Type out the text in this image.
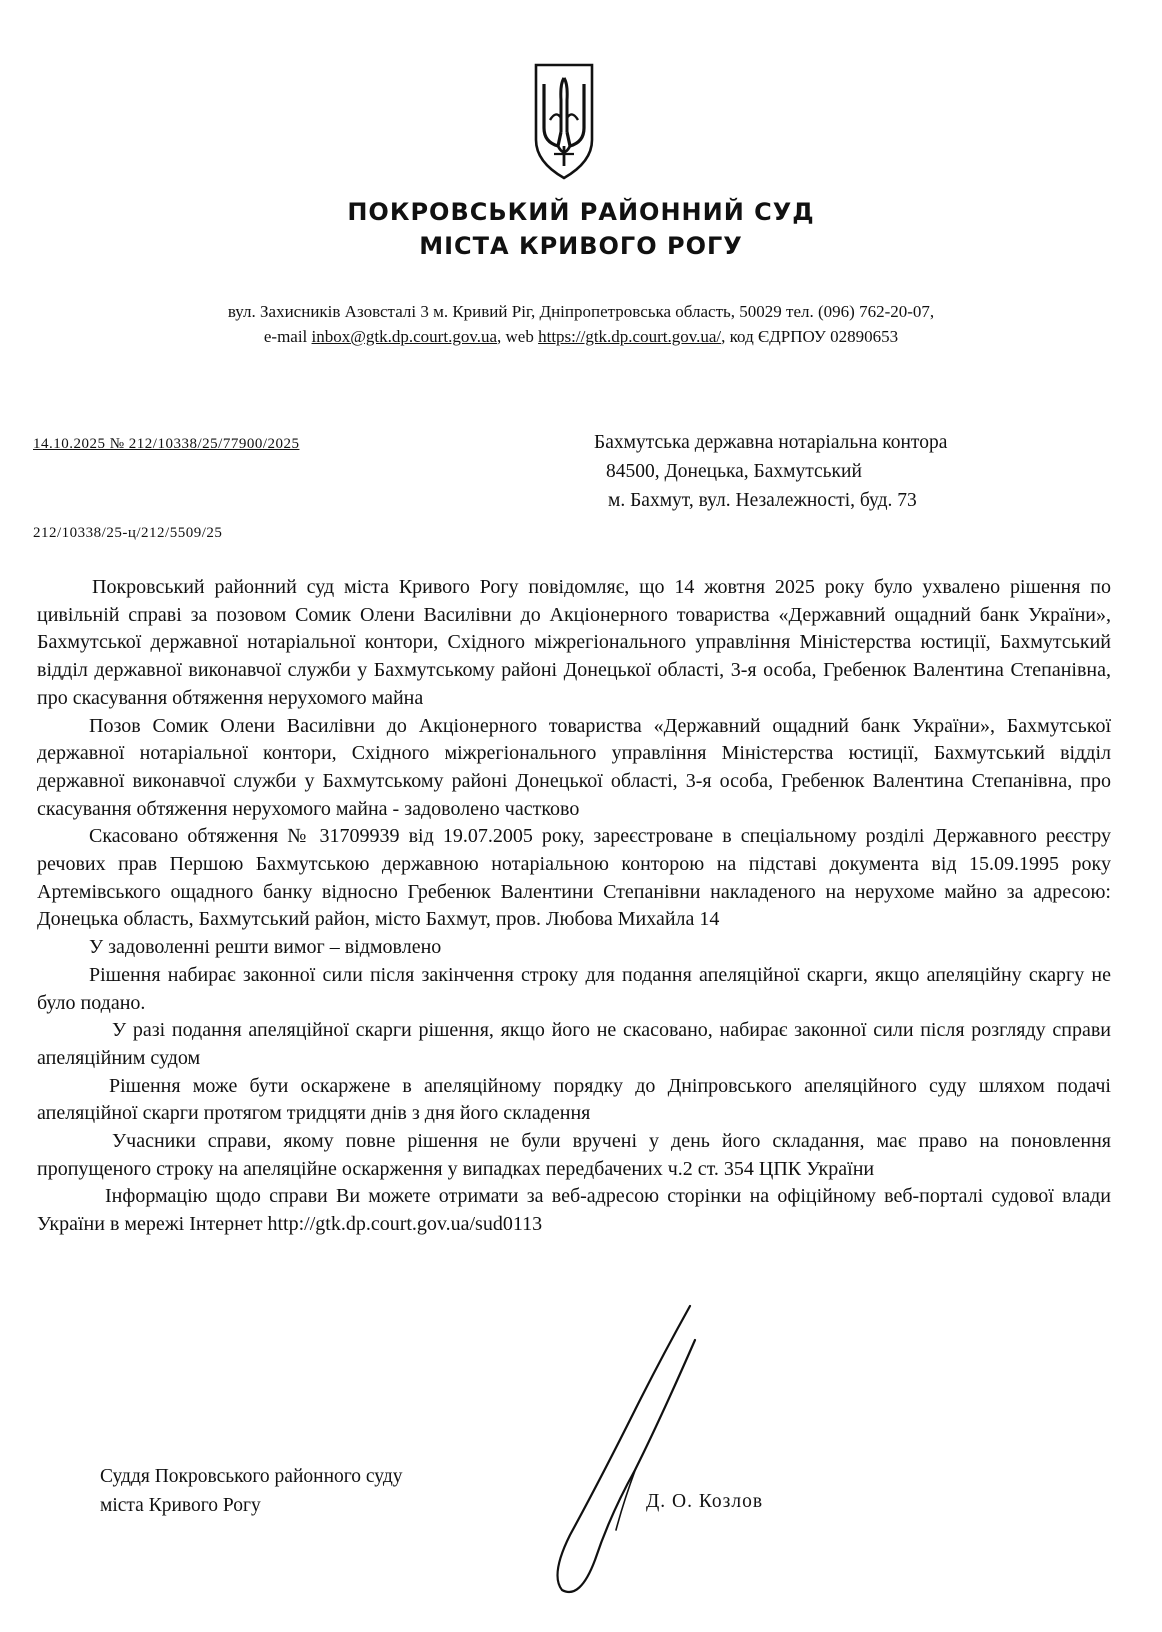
ПОКРОВСЬКИЙ РАЙОННИЙ СУД
МІСТА КРИВОГО РОГУ
вул. Захисників Азовсталі 3 м. Кривий Ріг, Дніпропетровська область, 50029 тел. (096) 762-20-07,
e-mail inbox@gtk.dp.court.gov.ua, web https://gtk.dp.court.gov.ua/, код ЄДРПОУ 02890653
14.10.2025 № 212/10338/25/77900/2025
212/10338/25-ц/212/5509/25
Бахмутська державна нотаріальна контора
84500, Донецька, Бахмутський
м. Бахмут, вул. Незалежності, буд. 73

Покровський районний суд міста Кривого Рогу повідомляє, що 14 жовтня 2025 року було ухвалено рішення по цивільній справі за позовом Сомик Олени Василівни до Акціонерного товариства «Державний ощадний банк України», Бахмутської державної нотаріальної контори, Східного міжрегіонального управління Міністерства юстиції, Бахмутський відділ державної виконавчої служби у Бахмутському районі Донецької області, 3-я особа, Гребенюк Валентина Степанівна, про скасування обтяження нерухомого майна

Позов Сомик Олени Василівни до Акціонерного товариства «Державний ощадний банк України», Бахмутської державної нотаріальної контори, Східного міжрегіонального управління Міністерства юстиції, Бахмутський відділ державної виконавчої служби у Бахмутському районі Донецької області, 3-я особа, Гребенюк Валентина Степанівна, про скасування обтяження нерухомого майна - задоволено частково

Скасовано обтяження № 31709939 від 19.07.2005 року, зареєстроване в спеціальному розділі Державного реєстру речових прав Першою Бахмутською державною нотаріальною конторою на підставі документа від 15.09.1995 року Артемівського ощадного банку відносно Гребенюк Валентини Степанівни накладеного на нерухоме майно за адресою: Донецька область, Бахмутський район, місто Бахмут, пров. Любова Михайла 14

У задоволенні решти вимог – відмовлено

Рішення набирає законної сили після закінчення строку для подання апеляційної скарги, якщо апеляційну скаргу не було подано.

У разі подання апеляційної скарги рішення, якщо його не скасовано, набирає законної сили після розгляду справи апеляційним судом

Рішення може бути оскаржене в апеляційному порядку до Дніпровського апеляційного суду шляхом подачі апеляційної скарги протягом тридцяти днів з дня його складення

Учасники справи, якому повне рішення не були вручені у день його складання, має право на поновлення пропущеного строку на апеляційне оскарження у випадках передбачених ч.2 ст. 354 ЦПК України

Інформацію щодо справи Ви можете отримати за веб-адресою сторінки на офіційному веб-порталі судової влади України в мережі Інтернет http://gtk.dp.court.gov.ua/sud0113

Суддя Покровського районного суду
міста Кривого Рогу	Д. О. Козлов
